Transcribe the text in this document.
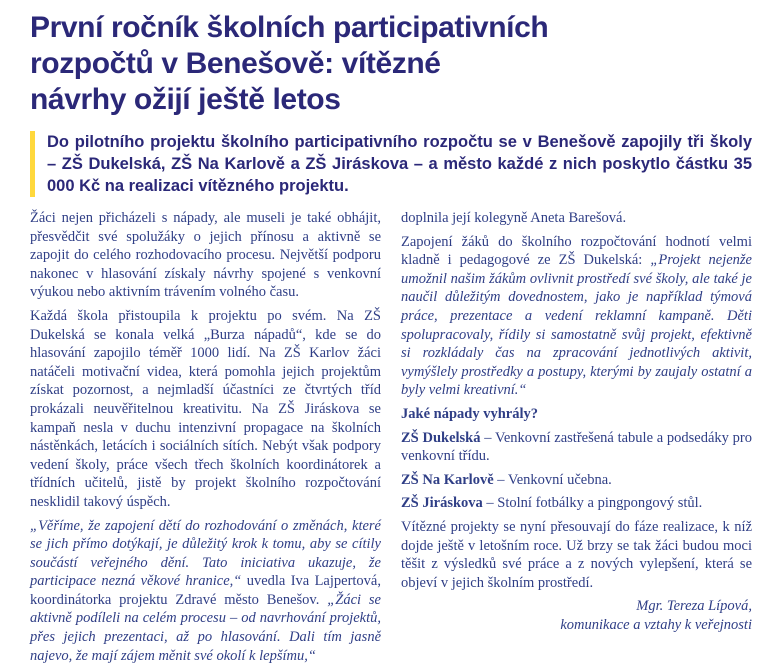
První ročník školních participativních
rozpočtů v Benešově: vítězné
návrhy ožijí ještě letos
Do pilotního projektu školního participativního rozpočtu se v Benešově zapojily tři školy – ZŠ Dukelská, ZŠ Na Karlově a ZŠ Jiráskova – a město každé z nich poskytlo částku 35 000 Kč na realizaci vítězného projektu.

Žáci nejen přicházeli s nápady, ale museli je také obhájit, přesvědčit své spolužáky o jejich přínosu a aktivně se zapojit do celého rozhodovacího procesu. Největší podporu nakonec v hlasování získaly návrhy spojené s venkovní výukou nebo aktivním trávením volného času.

Každá škola přistoupila k projektu po svém. Na ZŠ Dukelská se konala velká „Burza nápadů“, kde se do hlasování zapojilo téměř 1000 lidí. Na ZŠ Karlov žáci natáčeli motivační videa, která pomohla jejich projektům získat pozornost, a nejmladší účastníci ze čtvrtých tříd prokázali neuvěřitelnou kreativitu. Na ZŠ Jiráskova se kampaň nesla v duchu intenzivní propagace na školních nástěnkách, letácích i sociálních sítích. Nebýt však podpory vedení školy, práce všech třech školních koordinátorek a třídních učitelů, jistě by projekt školního rozpočtování nesklidil takový úspěch.

„Věříme, že zapojení dětí do rozhodování o změnách, které se jich přímo dotýkají, je důležitý krok k tomu, aby se cítily součástí veřejného dění. Tato iniciativa ukazuje, že participace nezná věkové hranice,“ uvedla Iva Lajpertová, koordinátorka projektu Zdravé město Benešov. „Žáci se aktivně podíleli na celém procesu – od navrhování projektů, přes jejich prezentaci, až po hlasování. Dali tím jasně najevo, že mají zájem měnit své okolí k lepšímu,“

doplnila její kolegyně Aneta Barešová.

Zapojení žáků do školního rozpočtování hodnotí velmi kladně i pedagogové ze ZŠ Dukelská: „Projekt nejenže umožnil našim žákům ovlivnit prostředí své školy, ale také je naučil důležitým dovednostem, jako je například týmová práce, prezentace a vedení reklamní kampaně. Děti spolupracovaly, řídily si samostatně svůj projekt, efektivně si rozkládaly čas na zpracování jednotlivých aktivit, vymýšlely prostředky a postupy, kterými by zaujaly ostatní a byly velmi kreativní.“

Jaké nápady vyhrály?

ZŠ Dukelská – Venkovní zastřešená tabule a podsedáky pro venkovní třídu.

ZŠ Na Karlově – Venkovní učebna.

ZŠ Jiráskova – Stolní fotbálky a pingpongový stůl.

Vítězné projekty se nyní přesouvají do fáze realizace, k níž dojde ještě v letošním roce. Už brzy se tak žáci budou moci těšit z výsledků své práce a z nových vylepšení, která se objeví v jejich školním prostředí.

Mgr. Tereza Lípová,
komunikace a vztahy k veřejnosti
